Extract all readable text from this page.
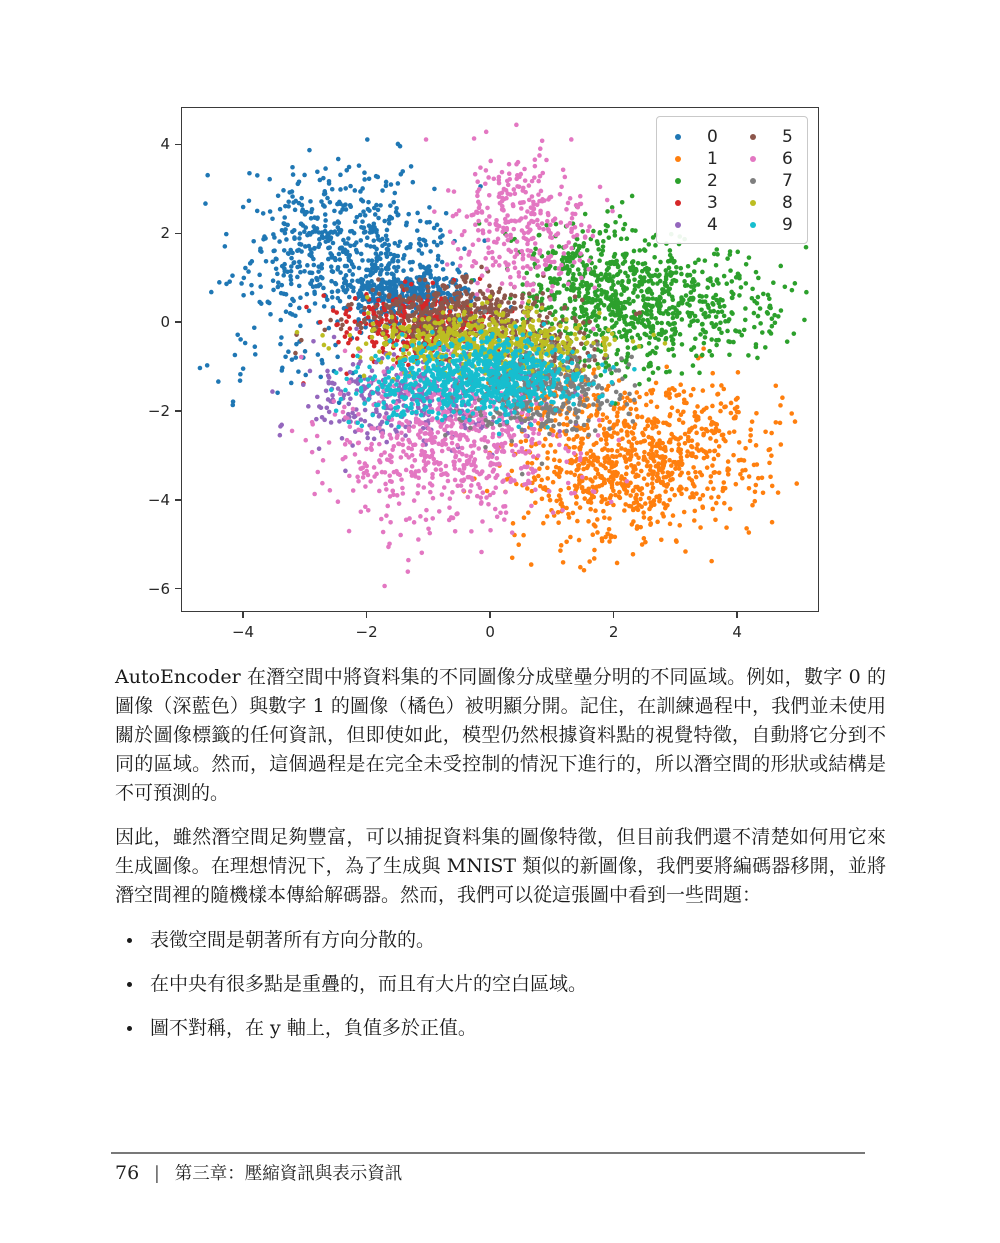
0
1
2
3
4
5
6
7
8
9
−4	−2	0	2	4
4
2
0
−2
−4
−6

AutoEncoder 在潛空間中將資料集的不同圖像分成壁壘分明的不同區域。例如，數字 0 的圖像（深藍色）與數字 1 的圖像（橘色）被明顯分開。記住，在訓練過程中，我們並未使用關於圖像標籤的任何資訊，但即使如此，模型仍然根據資料點的視覺特徵，自動將它分到不同的區域。然而，這個過程是在完全未受控制的情況下進行的，所以潛空間的形狀或結構是不可預測的。

因此，雖然潛空間足夠豐富，可以捕捉資料集的圖像特徵，但目前我們還不清楚如何用它來生成圖像。在理想情況下，為了生成與 MNIST 類似的新圖像，我們要將編碼器移開，並將潛空間裡的隨機樣本傳給解碼器。然而，我們可以從這張圖中看到一些問題：

表徵空間是朝著所有方向分散的。
在中央有很多點是重疊的，而且有大片的空白區域。
圖不對稱，在 y 軸上，負值多於正值。
76 | 第三章：壓縮資訊與表示資訊
